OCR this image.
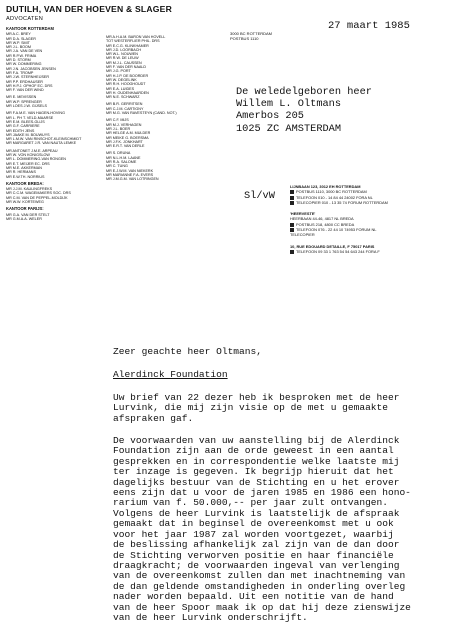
DUTILH, VAN DER HOEVEN & SLAGER
ADVOCATEN
KANTOOR ROTTERDAM
MR A.C. BREY
MR D.A. SLAGER
MR W.P. SMIT
MR J.L. BOOM
MR J.A. VAN DE VEN
MR R.P.W. FRIMA
MR D. STORM
MR W. DOMMERING
MR J.N. JACOBSEN JENSEN
MR F.A. TROMP
MR J.W. STERNHEIJSER
MR P.P. ERDHAUSER
MR H.P.J. OPHOF EC. DRS
MR F. VAN DER WIND
MR E. MEVISSEN
MR W.P. SPRENGER
MR LOES J.W. GIJSELS
MR F.A.M.E. VAN HAGEN-HOVING
MR L. PH T. VELD-MAARSE
MR E.M. BLEES-GLIJS
MR G.F. CARRIERE
MR EDITH JENS
MR JAAKE M. BOUWUYS
MR L.M.W. VAN RINSCHOT-KLEINSCHMIDT
MR MARGARET J.R. VAN NAUTA LEMKE
MR ANTONET J.M.E. ARPEAU
MR W. VON KONIGSLOW
MR L. DOMMERING-VAN RONGEN
MR E.T. MEIJER EC. DRS
MR M.E. AKKERMAN
MR R. HERMANS
MR E.W.TH. NORRIUS
KANTOOR BREDA:
MR J.J.M. KAULINGFREKS
MR C.C.M. WAGEMAKERS SOC. DRS
MR C.M. VAN DE PEPPEL-MOLDIJK
MR W.W. KORTEWEG
KANTOOR PARIJS:
MR G.A. VAN DER STELT
MR G.M.A.A. WELER
MR A.H.A.M. BARON VAN HOVELL
TOT WESTERFLIER PHIL. DRS
MR E.C.G. KLINKHAMER
MR J.D. LOORBACH
MR W.L. NOUWEN
MR R.W. DE LEUW
MR M.J.L. CAUSSEN
MR F. VAN DER NAALD
MR J.G. PORT
MR H.J.P. DE BOORDER
MR W. DEGELINK
MR R.H. HOOGHOUDT
MR E.A. LUIDES
MR H. OUDENHAARDEN
MR N.E. SCHWARZ
MR B.R. GERRITSEN
MR C.J.M. CARTIGNY
MR M.G. VAN RAVESTEYN (CAND. NOT.)
MR C.F. MIJS
MR M.J. VERHAGEN
MR J.L. BOER
MR HELGE A.M. MULDER
MR MEIKE G. BOERSMA
MR J.F.K. JONKHART
MR E.R.T. VAN DERLE
MR S. DRUNA
MR N.L.H.M. LAANE
MR R.A. SALOME
MR C. TUNG
MR E.J.W.M. VAN NIEKERK
MR MARIANNE F.A. EVERS
MR J.M.G.M. VAN LOTRINGEN
3000 BC ROTTERDAM
POSTBUS 1110
27 maart 1985
De weledelgeboren heer
Willem L. Oltmans
Amerbos 205
1025 ZC AMSTERDAM
Sl/vW
LIJNBAAN 123, 3012 EH ROTTERDAM
POSTBUS 1110, 3000 BC ROTTERDAM
TELEFOON 010 - 14 84 44 24002 FORA NL
TELECOPIER 010 - 13 35 74 FORUM ROTTERDAM
'HEERVESTE'
HEERBAAN 44-46, 4817 NL BREDA
POSTBUS 218, 4800 CC BREDA
TELEFOON 076 - 22 44 10 74953 FORUM NL
TELECOPIER
10, RUE EDOUARD DETAILLE, F 75017 PARIS
TELEFOON 09 33 1 763 54 54 643 244 FORA F
Zeer geachte heer Oltmans,
Alerdinck Foundation
Uw brief van 22 dezer heb ik besproken met de heer
Lurvink, die mij zijn visie op de met u gemaakte
afspraken gaf.
De voorwaarden van uw aanstelling bij de Alerdinck
Foundation zijn aan de orde geweest in een aantal
gesprekken en in correspondentie welke laatste mij
ter inzage is gegeven. Ik begrijp hieruit dat het
dagelijks bestuur van de Stichting en u het erover
eens zijn dat u voor de jaren 1985 en 1986 een hono-
rarium van f. 50.000,-- per jaar zult ontvangen.
Volgens de heer Lurvink is laatstelijk de afspraak
gemaakt dat in beginsel de overeenkomst met u ook
voor het jaar 1987 zal worden voortgezet, waarbij
de beslissing afhankelijk zal zijn van de dan door
de Stichting verworven positie en haar financiële
draagkracht; de voorwaarden ingeval van verlenging
van de overeenkomst zullen dan met inachtneming van
de dan geldende omstandigheden in onderling overleg
nader worden bepaald. Uit een notitie van de hand
van de heer Spoor maak ik op dat hij deze zienswijze
van de heer Lurvink onderschrijft.
